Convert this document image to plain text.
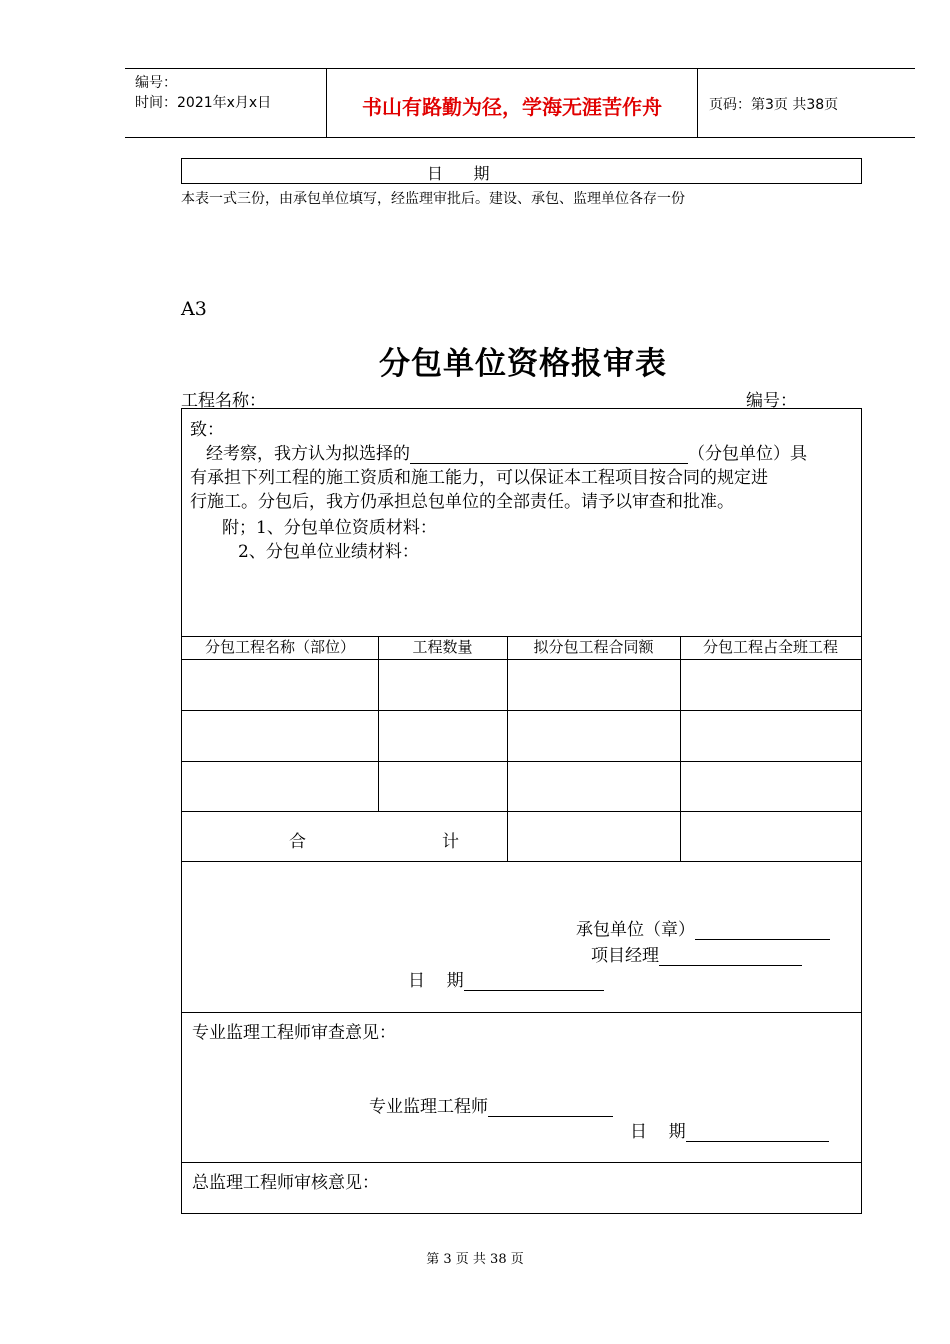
编号：
时间：2021年x月x日	书山有路勤为径，学海无涯苦作舟	页码：第3页 共38页
日      期
本表一式三份，由承包单位填写，经监理审批后。建设、承包、监理单位各存一份
A3
分包单位资格报审表
工程名称：	编号：
致：
经考察，我方认为拟选择的	（分包单位）具
有承担下列工程的施工资质和施工能力，可以保证本工程项目按合同的规定进
行施工。分包后，我方仍承担总包单位的全部责任。请予以审查和批准。
附；1、分包单位资质材料：
2、分包单位业绩材料：
分包工程名称（部位）	工程数量	拟分包工程合同额	分包工程占全班工程
合	计
承包单位（章）
项目经理
日    期
专业监理工程师审查意见：
专业监理工程师
日    期
总监理工程师审核意见：
第 3 页 共 38 页
